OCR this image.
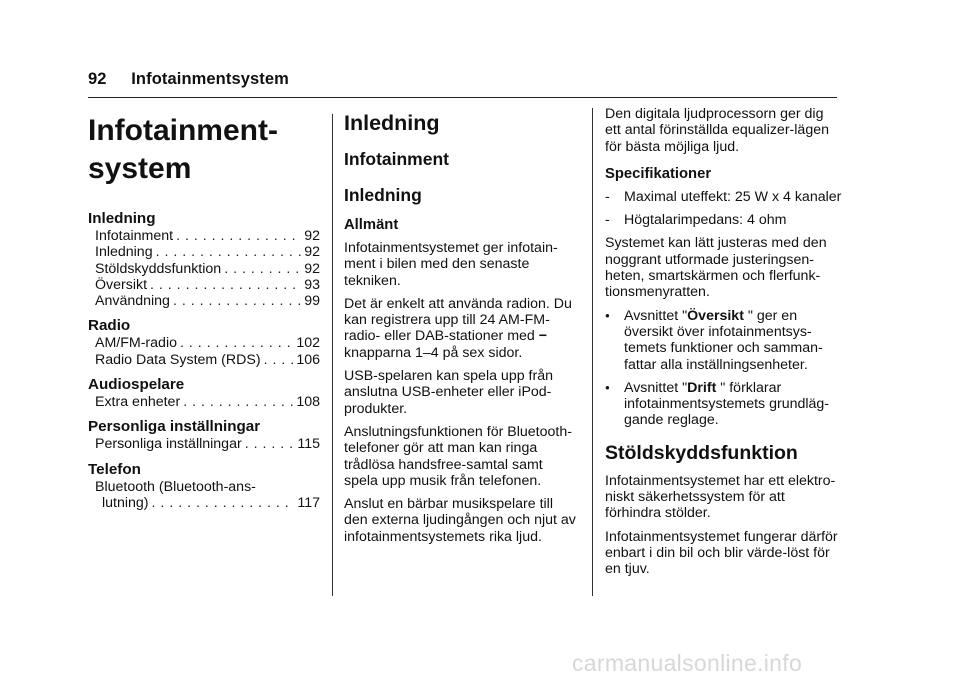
92 Infotainmentsystem
Infotainment-
system
Inledning
Infotainment . . .	92
Inledning . . .	92
Stöldskyddsfunktion . . .	92
Översikt . . .	93
Användning . . .	99
Radio
AM/FM-radio . . .	102
Radio Data System (RDS) . . .	106
Audiospelare
Extra enheter . . .	108
Personliga inställningar
Personliga inställningar . . .	115
Telefon
Bluetooth (Bluetooth-ans-
lutning) . . .	117
Inledning
Infotainment
Inledning
Allmänt

Infotainmentsystemet ger infotain-ment i bilen med den senaste tekniken.

Det är enkelt att använda radion. Du kan registrera upp till 24 AM-FM-radio- eller DAB-stationer med − knapparna 1–4 på sex sidor.

USB-spelaren kan spela upp från anslutna USB-enheter eller iPod-produkter.

Anslutningsfunktionen för Bluetooth-telefoner gör att man kan ringa trådlösa handsfree-samtal samt spela upp musik från telefonen.

Anslut en bärbar musikspelare till den externa ljudingången och njut av infotainmentsystemets rika ljud.

Den digitala ljudprocessorn ger dig ett antal förinställda equalizer-lägen för bästa möjliga ljud.

Specifikationer
-	Maximal uteffekt: 25 W x 4 kanaler
-	Högtalarimpedans: 4 ohm

Systemet kan lätt justeras med den noggrant utformade justeringsen-heten, smartskärmen och flerfunk-tionsmenyratten.

● Avsnittet "Översikt " ger en översikt över infotainmentsys-temets funktioner och samman-fattar alla inställningsenheter.
● Avsnittet "Drift " förklarar infotainmentsystemets grundläg-gande reglage.
Stöldskyddsfunktion

Infotainmentsystemet har ett elektro-niskt säkerhetssystem för att förhindra stölder.

Infotainmentsystemet fungerar därför enbart i din bil och blir värde-löst för en tjuv.

carmanualsonline.info
